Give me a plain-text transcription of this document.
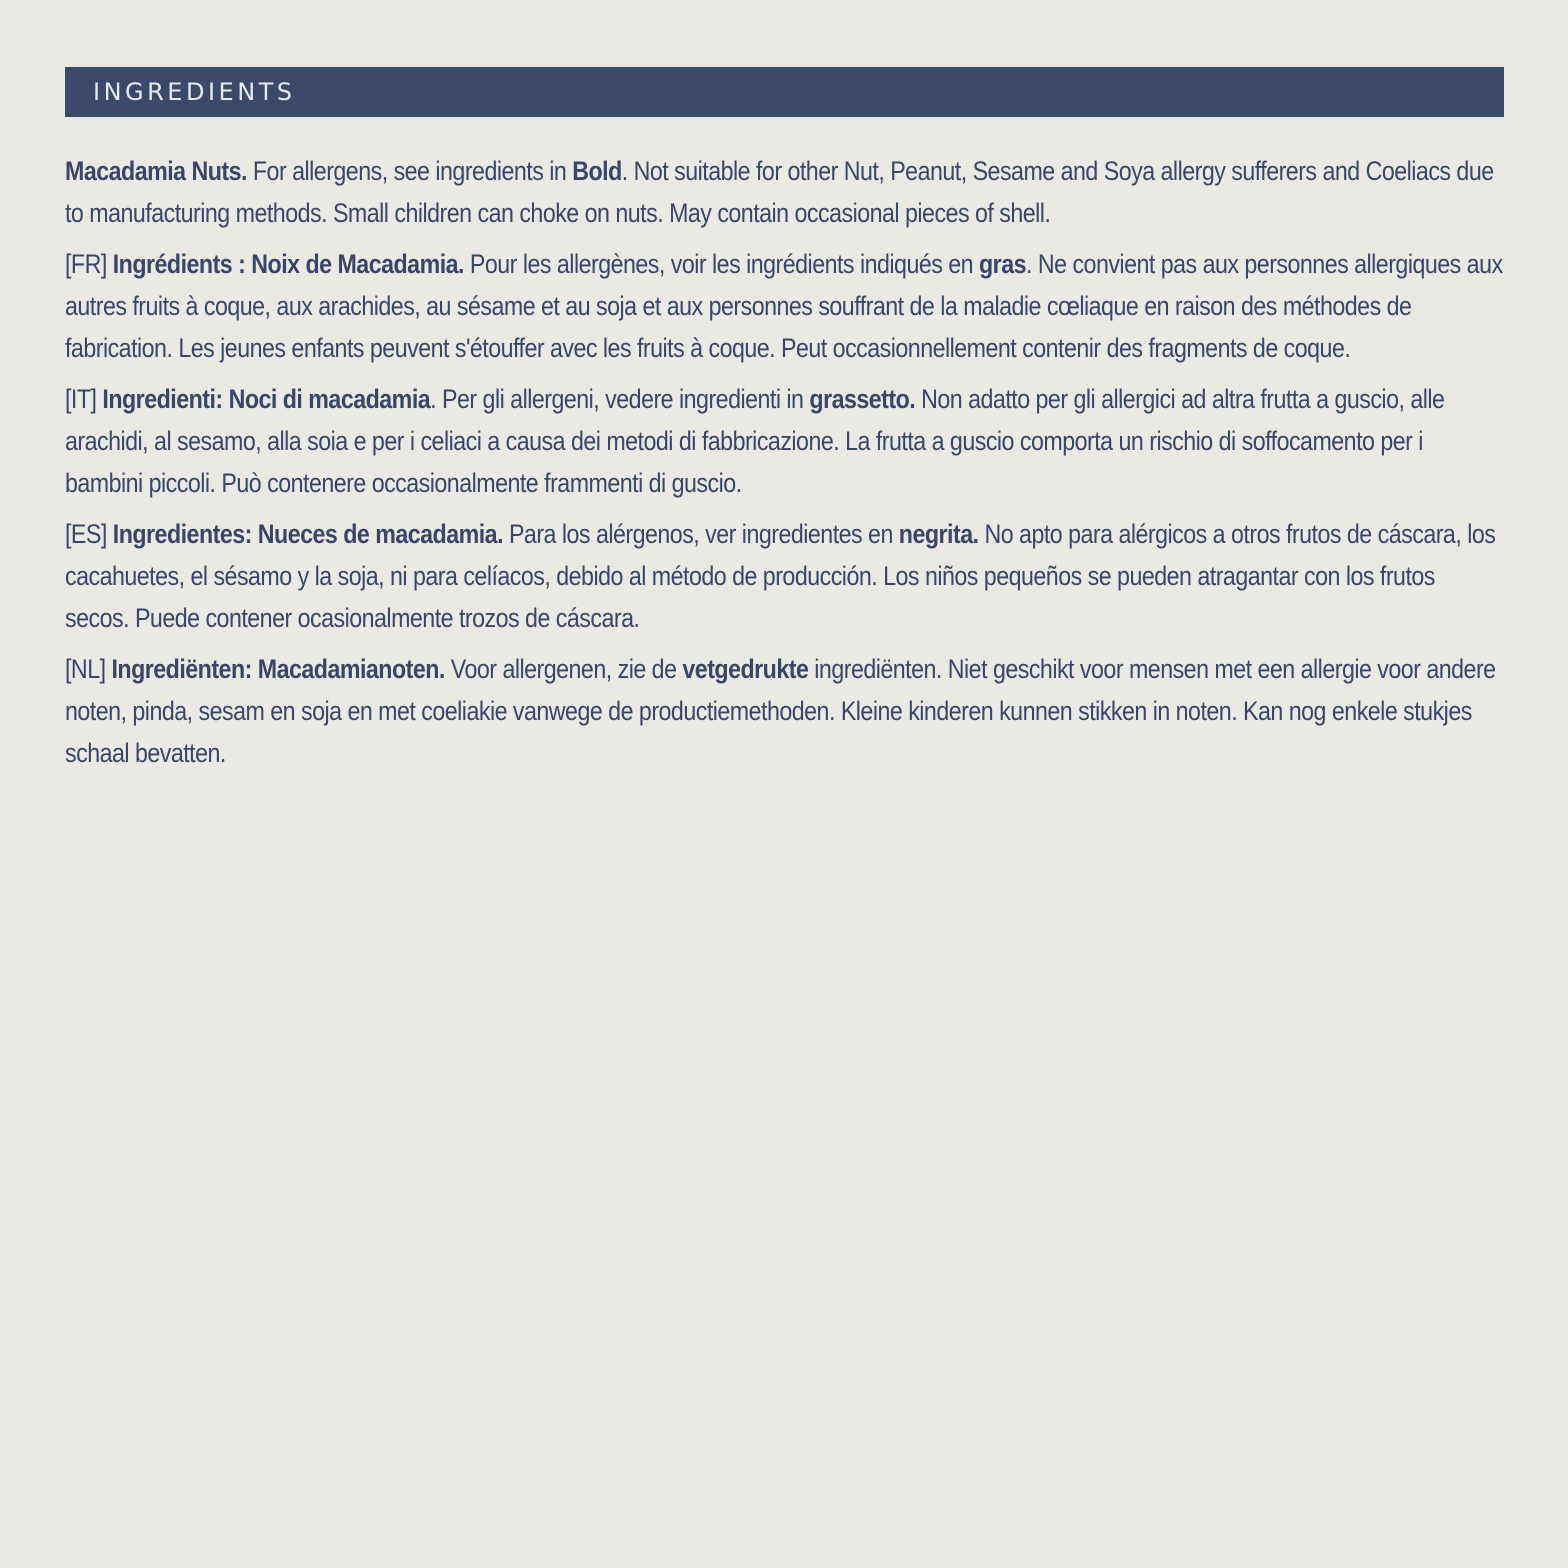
INGREDIENTS

Macadamia Nuts. For allergens, see ingredients in Bold. Not suitable for other Nut, Peanut, Sesame and Soya allergy sufferers and Coeliacs due to manufacturing methods. Small children can choke on nuts. May contain occasional pieces of shell.

[FR] Ingrédients : Noix de Macadamia. Pour les allergènes, voir les ingrédients indiqués en gras. Ne convient pas aux personnes allergiques aux autres fruits à coque, aux arachides, au sésame et au soja et aux personnes souffrant de la maladie cœliaque en raison des méthodes de fabrication. Les jeunes enfants peuvent s'étouffer avec les fruits à coque. Peut occasionnellement contenir des fragments de coque.

[IT] Ingredienti: Noci di macadamia. Per gli allergeni, vedere ingredienti in grassetto. Non adatto per gli allergici ad altra frutta a guscio, alle arachidi, al sesamo, alla soia e per i celiaci a causa dei metodi di fabbricazione. La frutta a guscio comporta un rischio di soffocamento per i bambini piccoli. Può contenere occasionalmente frammenti di guscio.

[ES] Ingredientes: Nueces de macadamia. Para los alérgenos, ver ingredientes en negrita. No apto para alérgicos a otros frutos de cáscara, los cacahuetes, el sésamo y la soja, ni para celíacos, debido al método de producción. Los niños pequeños se pueden atragantar con los frutos secos. Puede contener ocasionalmente trozos de cáscara.

[NL] Ingrediënten: Macadamianoten. Voor allergenen, zie de vetgedrukte ingrediënten. Niet geschikt voor mensen met een allergie voor andere noten, pinda, sesam en soja en met coeliakie vanwege de productiemethoden. Kleine kinderen kunnen stikken in noten. Kan nog enkele stukjes schaal bevatten.
